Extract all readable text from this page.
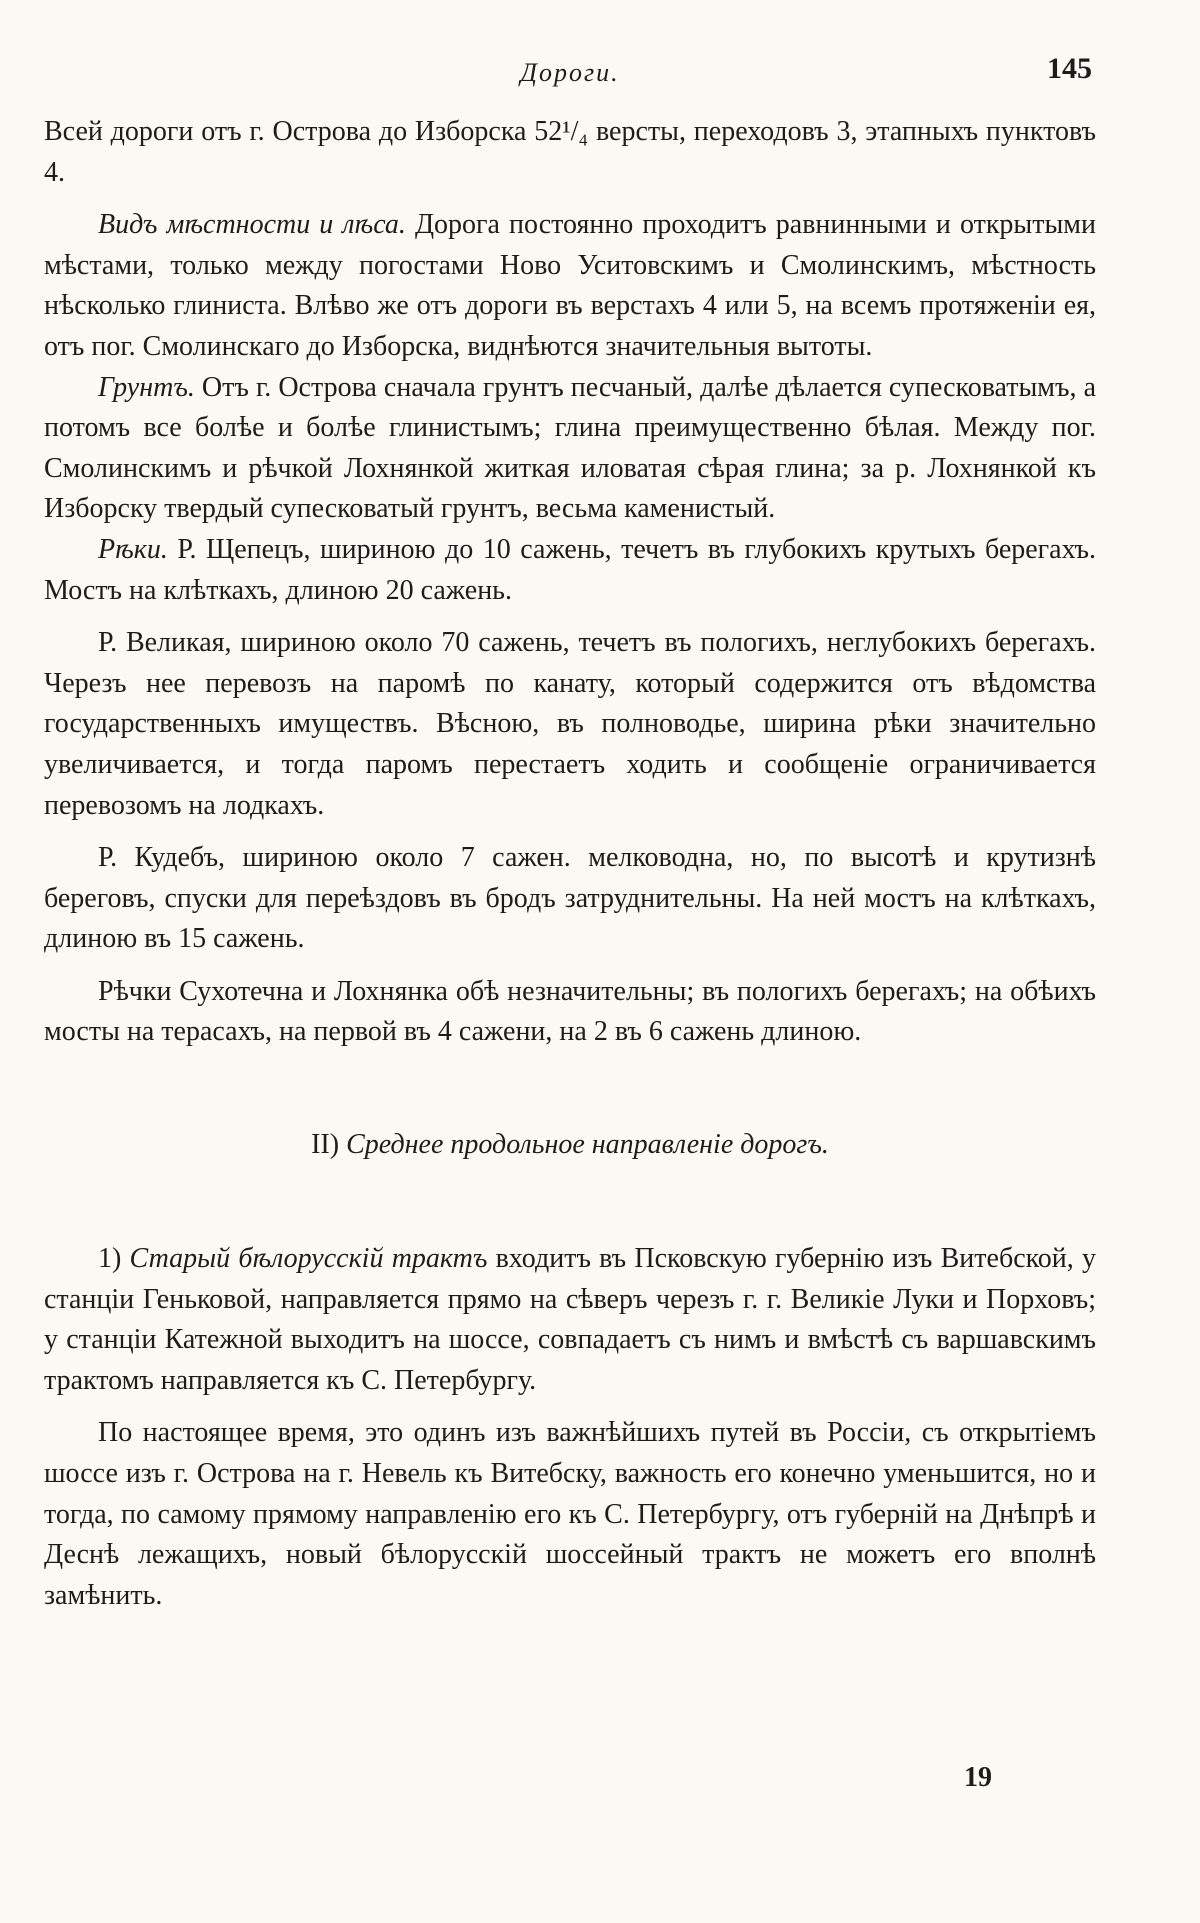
Дороги.	145

Всей дороги отъ г. Острова до Изборска 52¹/₄ версты, переходовъ 3, этапныхъ пунктовъ 4.

Видъ мѣстности и лѣса. Дорога постоянно проходитъ равнинными и открытыми мѣстами, только между погостами Ново Уситовскимъ и Смолинскимъ, мѣстность нѣсколько глиниста. Влѣво же отъ дороги въ верстахъ 4 или 5, на всемъ протяженіи ея, отъ пог. Смолинскаго до Изборска, виднѣются значительныя вытоты.

Грунтъ. Отъ г. Острова сначала грунтъ песчаный, далѣе дѣлается супесковатымъ, а потомъ все болѣе и болѣе глинистымъ; глина преимущественно бѣлая. Между пог. Смолинскимъ и рѣчкой Лохнянкой житкая иловатая сѣрая глина; за р. Лохнянкой къ Изборску твердый супесковатый грунтъ, весьма каменистый.

Рѣки. Р. Щепецъ, шириною до 10 сажень, течетъ въ глубокихъ крутыхъ берегахъ. Мостъ на клѣткахъ, длиною 20 сажень.

Р. Великая, шириною около 70 сажень, течетъ въ пологихъ, неглубокихъ берегахъ. Черезъ нее перевозъ на паромѣ по канату, который содержится отъ вѣдомства государственныхъ имуществъ. Вѣсною, въ полноводье, ширина рѣки значительно увеличивается, и тогда паромъ перестаетъ ходить и сообщеніе ограничивается перевозомъ на лодкахъ.

Р. Кудебъ, шириною около 7 сажен. мелководна, но, по высотѣ и крутизнѣ береговъ, спуски для переѣздовъ въ бродъ затруднительны. На ней мостъ на клѣткахъ, длиною въ 15 сажень.

Рѣчки Сухотечна и Лохнянка обѣ незначительны; въ пологихъ берегахъ; на обѣихъ мосты на терасахъ, на первой въ 4 сажени, на 2 въ 6 сажень длиною.

II) Среднее продольное направленіе дорогъ.

1) Старый бѣлорусскій трактъ входитъ въ Псковскую губернію изъ Витебской, у станціи Геньковой, направляется прямо на сѣверъ черезъ г. г. Великіе Луки и Порховъ; у станціи Катежной выходитъ на шоссе, совпадаетъ съ нимъ и вмѣстѣ съ варшавскимъ трактомъ направляется къ С. Петербургу.

По настоящее время, это одинъ изъ важнѣйшихъ путей въ Россіи, съ открытіемъ шоссе изъ г. Острова на г. Невель къ Витебску, важность его конечно уменьшится, но и тогда, по самому прямому направленію его къ С. Петербургу, отъ губерній на Днѣпрѣ и Деснѣ лежащихъ, новый бѣлорусскій шоссейный трактъ не можетъ его вполнѣ замѣнить.

19
